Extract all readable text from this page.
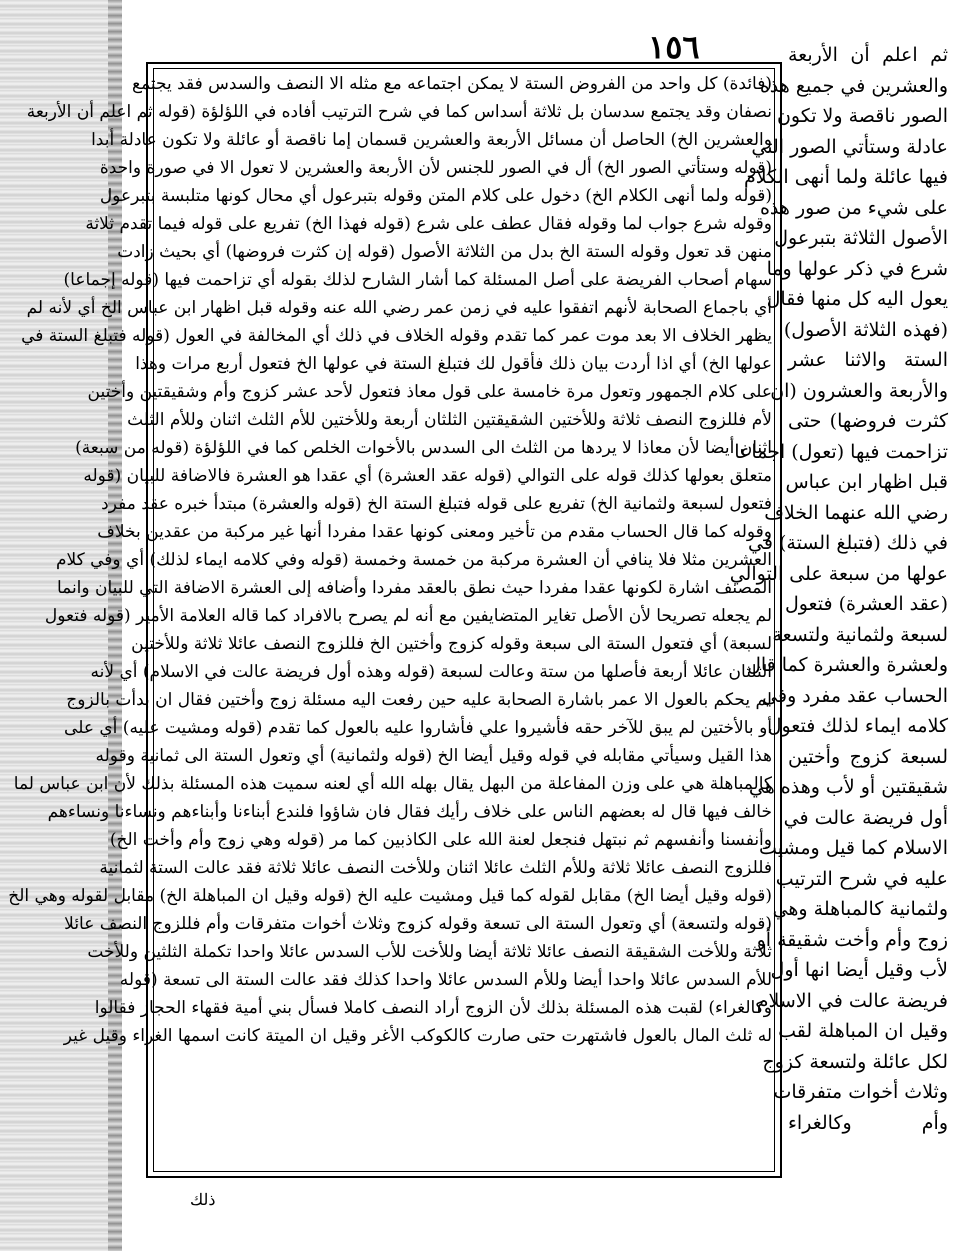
١٥٦
(فائدة) كل واحد من الفروض الستة لا يمكن اجتماعه مع مثله الا النصف والسدس فقد يجتمع
نصفان وقد يجتمع سدسان بل ثلاثة أسداس كما في شرح الترتيب أفاده في اللؤلؤة (قوله ثم اعلم أن الأربعة
والعشرين الخ) الحاصل أن مسائل الأربعة والعشرين قسمان إما ناقصة أو عائلة ولا تكون عادلة أبدا
(قوله وستأتي الصور الخ) أل في الصور للجنس لأن الأربعة والعشرين لا تعول الا في صورة واحدة
(قوله ولما أنهى الكلام الخ) دخول على كلام المتن وقوله بتبرعول أي محال كونها متلبسة بتبرعول
وقوله شرع جواب لما وقوله فقال عطف على شرع (قوله فهذا الخ) تفريع على قوله فيما تقدم ثلاثة
منهن قد تعول وقوله الستة الخ بدل من الثلاثة الأصول (قوله إن كثرت فروضها) أي بحيث زادت
سهام أصحاب الفريضة على أصل المسئلة كما أشار الشارح لذلك بقوله أي تزاحمت فيها (قوله إجماعا)
أي باجماع الصحابة لأنهم اتفقوا عليه في زمن عمر رضي الله عنه وقوله قبل اظهار ابن عباس الخ أي لأنه لم
يظهر الخلاف الا بعد موت عمر كما تقدم وقوله الخلاف في ذلك أي المخالفة في العول (قوله فتبلغ الستة في
عولها الخ) أي اذا أردت بيان ذلك فأقول لك فتبلغ الستة في عولها الخ فتعول أربع مرات وهذا
على كلام الجمهور وتعول مرة خامسة على قول معاذ فتعول لأحد عشر كزوج وأم وشقيقتين وأختين
لأم فللزوج النصف ثلاثة وللأختين الشقيقتين الثلثان أربعة وللأختين للأم الثلث اثنان وللأم الثلث
اثنان أيضا لأن معاذا لا يردها من الثلث الى السدس بالأخوات الخلص كما في اللؤلؤة (قوله من سبعة)
متعلق بعولها كذلك قوله على التوالي (قوله عقد العشرة) أي عقدا هو العشرة فالاضافة للبيان (قوله
فتعول لسبعة ولثمانية الخ) تفريع على قوله فتبلغ الستة الخ (قوله والعشرة) مبتدأ خبره عقد مفرد
وقوله كما قال الحساب مقدم من تأخير ومعنى كونها عقدا مفردا أنها غير مركبة من عقدين بخلاف
العشرين مثلا فلا ينافي أن العشرة مركبة من خمسة وخمسة (قوله وفي كلامه ايماء لذلك) أي وفي كلام
المصنف اشارة لكونها عقدا مفردا حيث نطق بالعقد مفردا وأضافه إلى العشرة الاضافة التي للبيان وانما
لم يجعله تصريحا لأن الأصل تغاير المتضايفين مع أنه لم يصرح بالافراد كما قاله العلامة الأمير (قوله فتعول
لسبعة) أي فتعول الستة الى سبعة وقوله كزوج وأختين الخ فللزوج النصف عائلا ثلاثة وللأختين
الثلثان عائلا أربعة فأصلها من ستة وعالت لسبعة (قوله وهذه أول فريضة عالت في الاسلام) أي لأنه
لم يحكم بالعول الا عمر باشارة الصحابة عليه حين رفعت اليه مسئلة زوج وأختين فقال ان بدأت بالزوج
أو بالأختين لم يبق للآخر حقه فأشيروا علي فأشاروا عليه بالعول كما تقدم (قوله ومشيت عليه) أي على
هذا القيل وسيأتي مقابله في قوله وقيل أيضا الخ (قوله ولثمانية) أي وتعول الستة الى ثمانية وقوله
كالمباهلة هي على وزن المفاعلة من البهل يقال بهله الله أي لعنه سميت هذه المسئلة بذلك لأن ابن عباس لما
خالف فيها قال له بعضهم الناس على خلاف رأيك فقال فان شاؤوا فلندع أبناءنا وأبناءهم ونساءنا ونساءهم
وأنفسنا وأنفسهم ثم نبتهل فنجعل لعنة الله على الكاذبين كما مر (قوله وهي زوج وأم وأخت الخ)
فللزوج النصف عائلا ثلاثة وللأم الثلث عائلا اثنان وللأخت النصف عائلا ثلاثة فقد عالت الستة لثمانية
(قوله وقيل أيضا الخ) مقابل لقوله كما قيل ومشيت عليه الخ (قوله وقيل ان المباهلة الخ) مقابل لقوله وهي الخ
(قوله ولتسعة) أي وتعول الستة الى تسعة وقوله كزوج وثلاث أخوات متفرقات وأم فللزوج النصف عائلا
ثلاثة وللأخت الشقيقة النصف عائلا ثلاثة أيضا وللأخت للأب السدس عائلا واحدا تكملة الثلثين وللأخت
للأم السدس عائلا واحدا أيضا وللأم السدس عائلا واحدا كذلك فقد عالت الستة الى تسعة (قوله
وكالغراء) لقبت هذه المسئلة بذلك لأن الزوج أراد النصف كاملا فسأل بني أمية فقهاء الحجاز فقالوا
له ثلث المال بالعول فاشتهرت حتى صارت كالكوكب الأغر وقيل ان الميتة كانت اسمها الغراء وقيل غير
ثم اعلم أن الأربعة
والعشرين في جميع هذه
الصور ناقصة ولا تكون
عادلة وستأتي الصور التي
فيها عائلة ولما أنهى الكلام
على شيء من صور هذه
الأصول الثلاثة بتبرعول
شرع في ذكر عولها وما
يعول اليه كل منها فقال
(فهذه الثلاثة الأصول)
الستة والاثنا عشر
والأربعة والعشرون (ان
كثرت فروضها) حتى
تزاحمت فيها (تعول) اجماعا
قبل اظهار ابن عباس
رضي الله عنهما الخلاف
في ذلك (فتبلغ الستة) في
عولها من سبعة على التوالي
(عقد العشرة) فتعول
لسبعة ولثمانية ولتسعة
ولعشرة والعشرة كما قال
الحساب عقد مفرد وفي
كلامه ايماء لذلك فتعول
لسبعة كزوج وأختين
شقيقتين أو لأب وهذه هي
أول فريضة عالت في
الاسلام كما قيل ومشيت
عليه في شرح الترتيب
ولثمانية كالمباهلة وهي
زوج وأم وأخت شقيقة أو
لأب وقيل أيضا انها أول
فريضة عالت في الاسلام
وقيل ان المباهلة لقب
لكل عائلة ولتسعة كزوج
وثلاث أخوات متفرقات
وأم وكالغراء
ذلك
